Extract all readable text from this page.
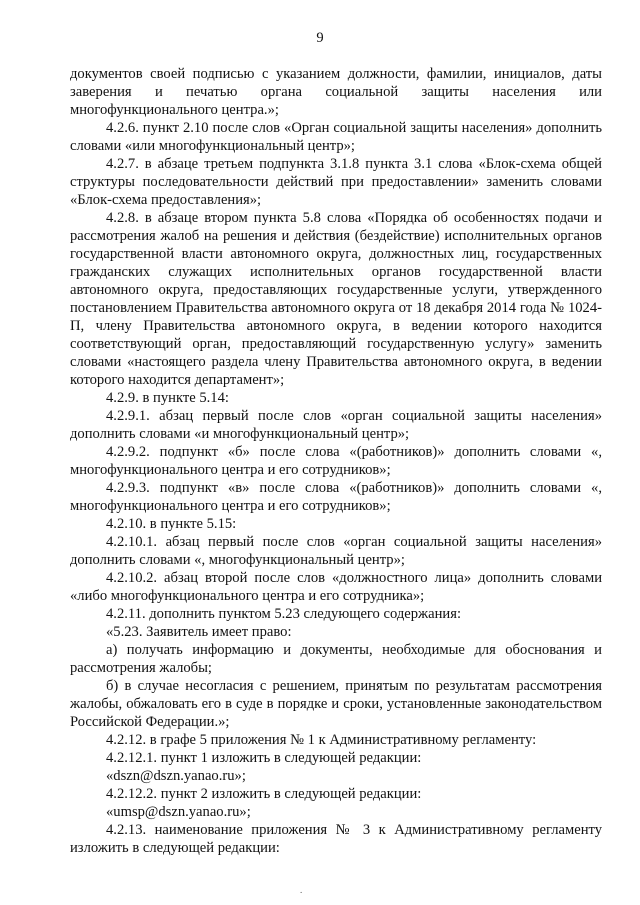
9

документов своей подписью с указанием должности, фамилии, инициалов, даты заверения и печатью органа социальной защиты населения или многофункционального центра.»;

4.2.6. пункт 2.10 после слов «Орган социальной защиты населения» дополнить словами «или многофункциональный центр»;

4.2.7. в абзаце третьем подпункта 3.1.8 пункта 3.1 слова «Блок-схема общей структуры последовательности действий при предоставлении» заменить словами «Блок-схема предоставления»;

4.2.8. в абзаце втором пункта 5.8 слова «Порядка об особенностях подачи и рассмотрения жалоб на решения и действия (бездействие) исполнительных органов государственной власти автономного округа, должностных лиц, государственных гражданских служащих исполнительных органов государственной власти автономного округа, предоставляющих государственные услуги, утвержденного постановлением Правительства автономного округа от 18 декабря 2014 года № 1024-П, члену Правительства автономного округа, в ведении которого находится соответствующий орган, предоставляющий государственную услугу» заменить словами «настоящего раздела члену Правительства автономного округа, в ведении которого находится департамент»;

4.2.9. в пункте 5.14:

4.2.9.1. абзац первый после слов «орган социальной защиты населения» дополнить словами «и многофункциональный центр»;

4.2.9.2. подпункт «б» после слова «(работников)» дополнить словами «, многофункционального центра и его сотрудников»;

4.2.9.3. подпункт «в» после слова «(работников)» дополнить словами «, многофункционального центра и его сотрудников»;

4.2.10. в пункте 5.15:

4.2.10.1. абзац первый после слов «орган социальной защиты населения» дополнить словами «, многофункциональный центр»;

4.2.10.2. абзац второй после слов «должностного лица» дополнить словами «либо многофункционального центра и его сотрудника»;

4.2.11. дополнить пунктом 5.23 следующего содержания:

«5.23. Заявитель имеет право:

а) получать информацию и документы, необходимые для обоснования и рассмотрения жалобы;

б) в случае несогласия с решением, принятым по результатам рассмотрения жалобы, обжаловать его в суде в порядке и сроки, установленные законодательством Российской Федерации.»;

4.2.12. в графе 5 приложения № 1 к Административному регламенту:

4.2.12.1. пункт 1 изложить в следующей редакции:

«dszn@dszn.yanao.ru»;

4.2.12.2. пункт 2 изложить в следующей редакции:

«umsp@dszn.yanao.ru»;

4.2.13. наименование приложения № 3 к Административному регламенту изложить в следующей редакции:

.
